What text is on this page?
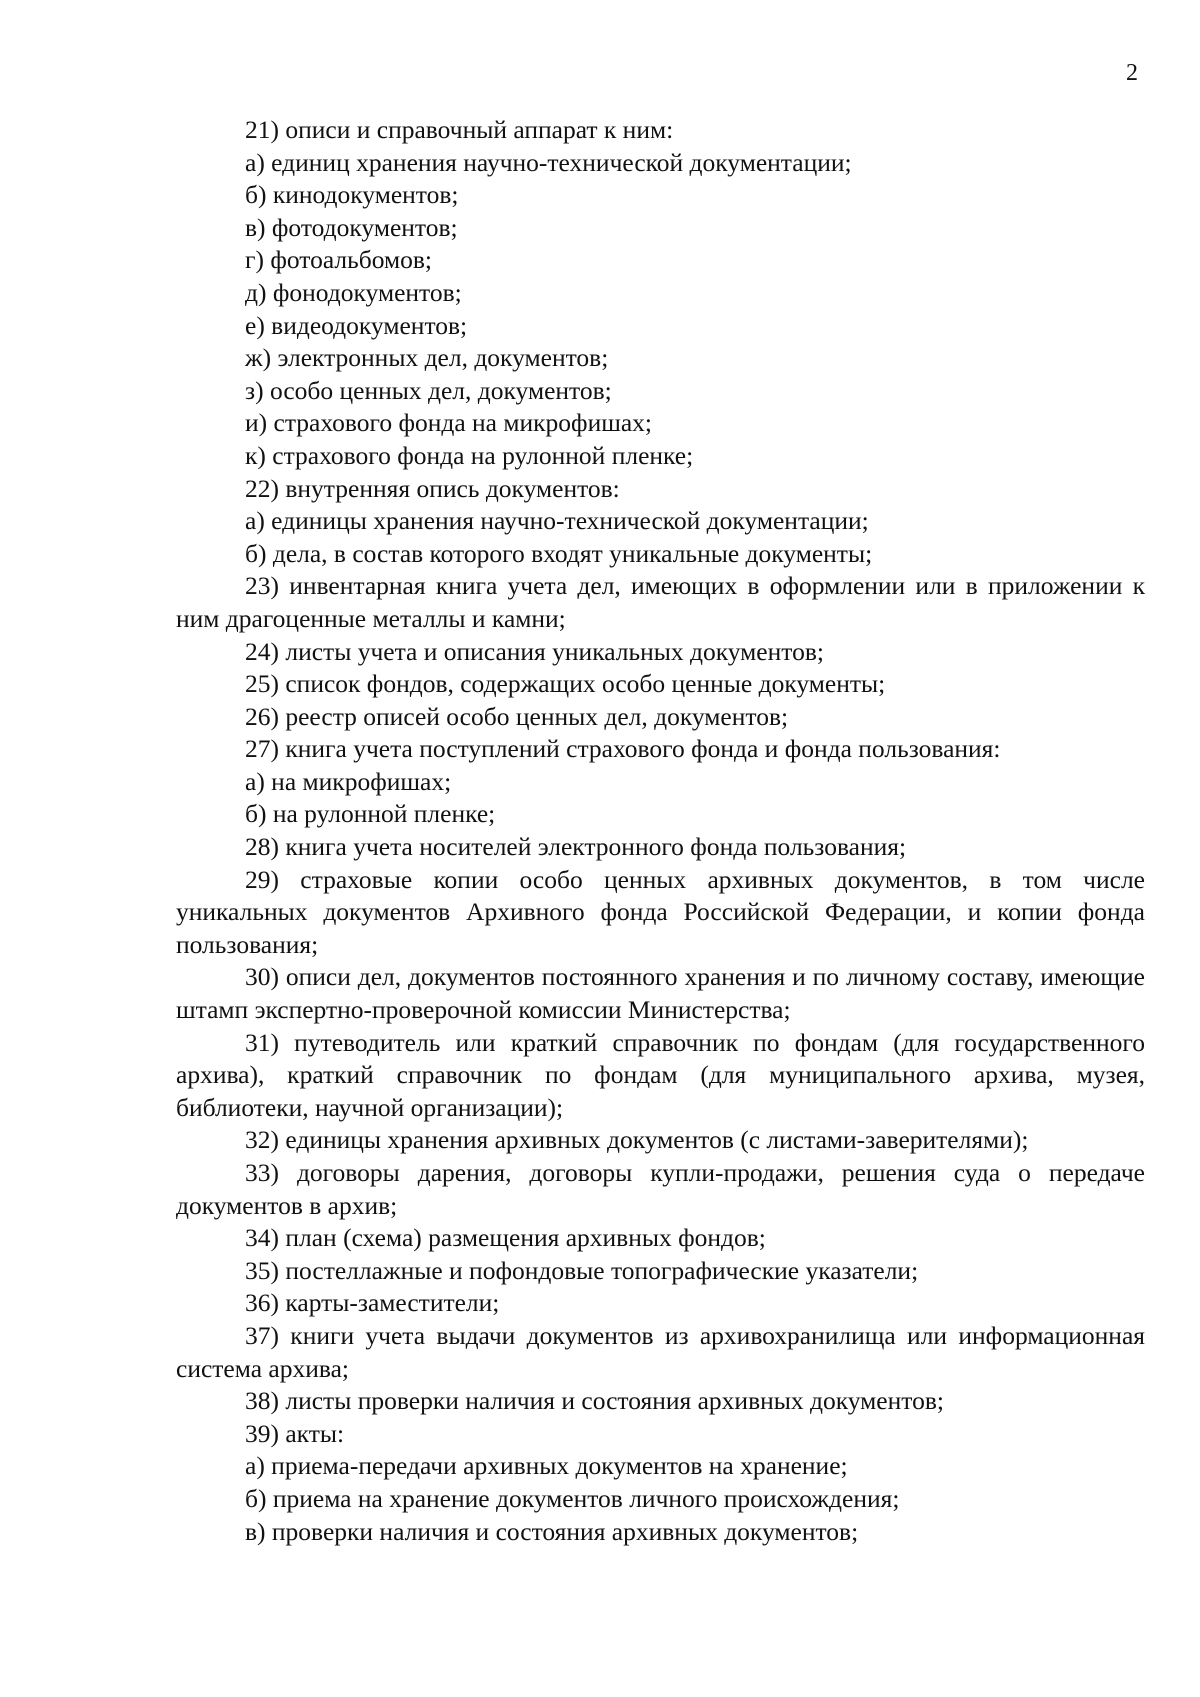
2

21) описи и справочный аппарат к ним:

а) единиц хранения научно-технической документации;

б) кинодокументов;

в) фотодокументов;

г) фотоальбомов;

д) фонодокументов;

е) видеодокументов;

ж) электронных дел, документов;

з) особо ценных дел, документов;

и) страхового фонда на микрофишах;

к) страхового фонда на рулонной пленке;

22) внутренняя опись документов:

а) единицы хранения научно-технической документации;

б) дела, в состав которого входят уникальные документы;

23) инвентарная книга учета дел, имеющих в оформлении или в приложении к ним драгоценные металлы и камни;

24) листы учета и описания уникальных документов;

25) список фондов, содержащих особо ценные документы;

26) реестр описей особо ценных дел, документов;

27) книга учета поступлений страхового фонда и фонда пользования:

а) на микрофишах;

б) на рулонной пленке;

28) книга учета носителей электронного фонда пользования;

29) страховые копии особо ценных архивных документов, в том числе уникальных документов Архивного фонда Российской Федерации, и копии фонда пользования;

30) описи дел, документов постоянного хранения и по личному составу, имеющие штамп экспертно-проверочной комиссии Министерства;

31) путеводитель или краткий справочник по фондам (для государственного архива), краткий справочник по фондам (для муниципального архива, музея, библиотеки, научной организации);

32) единицы хранения архивных документов (с листами-заверителями);

33) договоры дарения, договоры купли-продажи, решения суда о передаче документов в архив;

34) план (схема) размещения архивных фондов;

35) постеллажные и пофондовые топографические указатели;

36) карты-заместители;

37) книги учета выдачи документов из архивохранилища или информационная система архива;

38) листы проверки наличия и состояния архивных документов;

39) акты:

а) приема-передачи архивных документов на хранение;

б) приема на хранение документов личного происхождения;

в) проверки наличия и состояния архивных документов;
